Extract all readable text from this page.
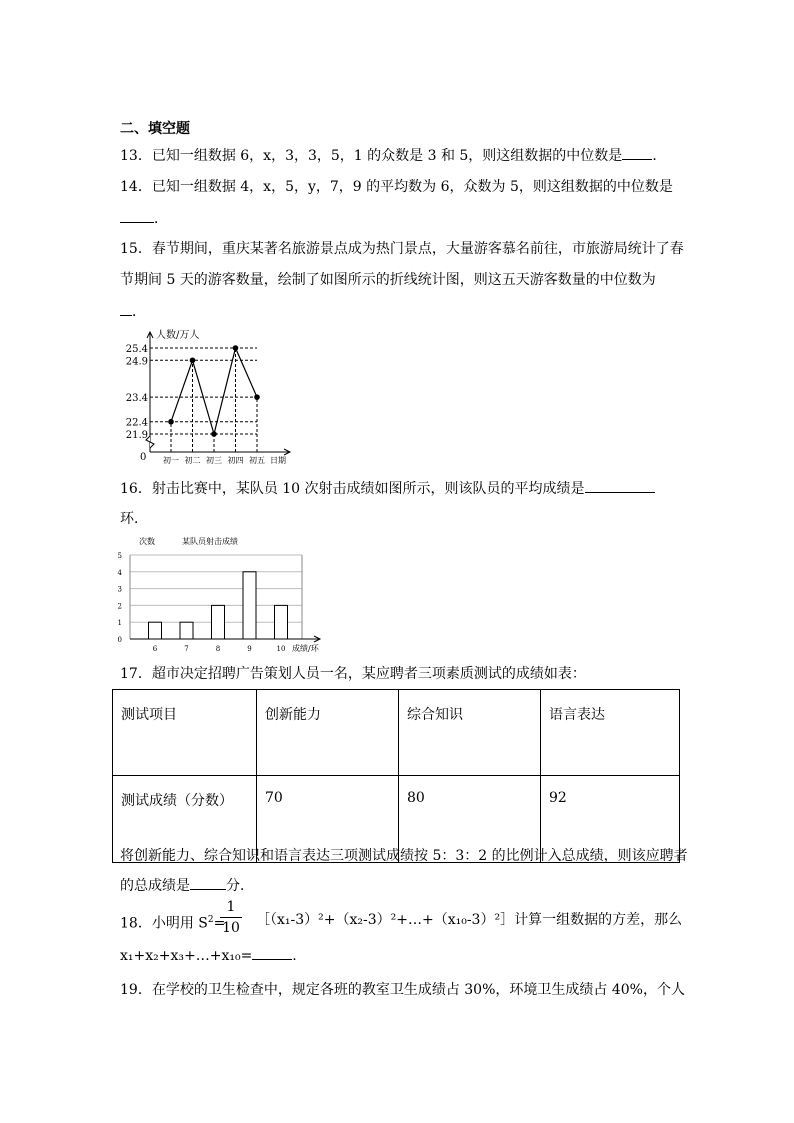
二、填空题
13．已知一组数据 6，x，3，3，5，1 的众数是 3 和 5，则这组数据的中位数是 ．
14．已知一组数据 4，x，5，y，7，9 的平均数为 6，众数为 5，则这组数据的中位数是
．
15．春节期间，重庆某著名旅游景点成为热门景点，大量游客慕名前往，市旅游局统计了春
节期间 5 天的游客数量，绘制了如图所示的折线统计图，则这五天游客数量的中位数为
．
人数/万人
日期
0
21.9
22.4
23.4
24.9
25.4
初一 初二 初三 初四 初五
16．射击比赛中，某队员 10 次射击成绩如图所示，则该队员的平均成绩是
环．
次数	某队员射击成绩
0
1
2
3
4
5
成绩/环
6	7	8	9	10
17．超市决定招聘广告策划人员一名，某应聘者三项素质测试的成绩如表：
测试项目	创新能力	综合知识	语言表达
测试成绩（分数）	70	80	92
将创新能力、综合知识和语言表达三项测试成绩按 5：3：2 的比例计入总成绩，则该应聘者
的总成绩是	分．
18．小明用 $S^2=$
1
10 ［（x₁-3）²+（x₂-3）²+…+（x₁₀-3）²］计算一组数据的方差，那么
x₁+x₂+x₃+…+x₁₀=	.
19．在学校的卫生检查中，规定各班的教室卫生成绩占 30%，环境卫生成绩占 40%，个人
